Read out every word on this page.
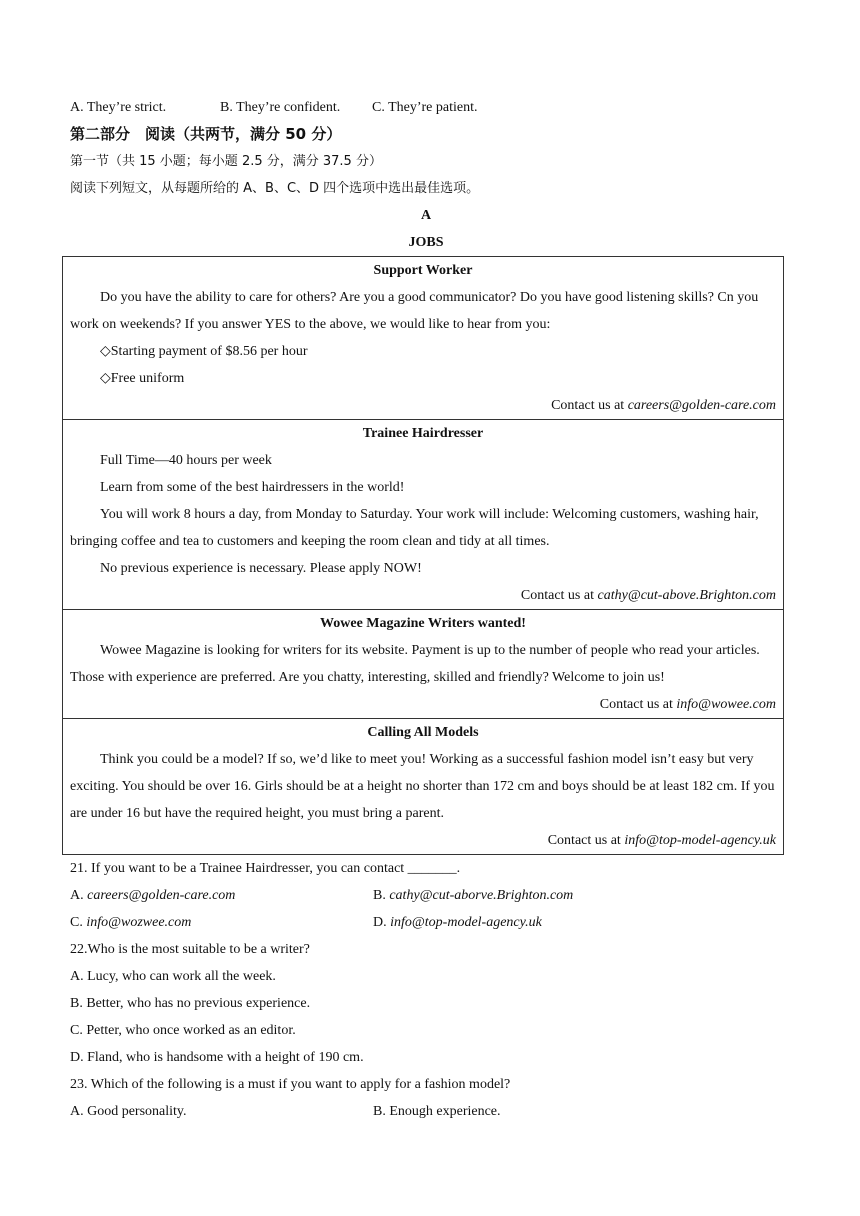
A. They’re strict.	B. They’re confident. C. They’re patient.
第二部分　阅读（共两节，满分 50 分）
第一节（共 15 小题；每小题 2.5 分，满分 37.5 分）
阅读下列短文，从每题所给的 A、B、C、D 四个选项中选出最佳选项。
A
JOBS
Support Worker
Do you have the ability to care for others? Are you a good communicator? Do you have good listening skills? Cn you work on weekends? If you answer YES to the above, we would like to hear from you:
◇Starting payment of $8.56 per hour
◇Free uniform
Contact us at careers@golden-care.com
Trainee Hairdresser
Full Time—40 hours per week
Learn from some of the best hairdressers in the world!
You will work 8 hours a day, from Monday to Saturday. Your work will include: Welcoming customers, washing hair, bringing coffee and tea to customers and keeping the room clean and tidy at all times.
No previous experience is necessary. Please apply NOW!
Contact us at cathy@cut-above.Brighton.com
Wowee Magazine Writers wanted!
Wowee Magazine is looking for writers for its website. Payment is up to the number of people who read your articles. Those with experience are preferred. Are you chatty, interesting, skilled and friendly? Welcome to join us!
Contact us at info@wowee.com
Calling All Models
Think you could be a model? If so, we’d like to meet you! Working as a successful fashion model isn’t easy but very exciting. You should be over 16. Girls should be at a height no shorter than 172 cm and boys should be at least 182 cm. If you are under 16 but have the required height, you must bring a parent.
Contact us at info@top-model-agency.uk
21. If you want to be a Trainee Hairdresser, you can contact _______.
A. careers@golden-care.com	B. cathy@cut-aborve.Brighton.com
C. info@wozwee.com	D. info@top-model-agency.uk
22.Who is the most suitable to be a writer?
A. Lucy, who can work all the week.
B. Better, who has no previous experience.
C. Petter, who once worked as an editor.
D. Fland, who is handsome with a height of 190 cm.
23. Which of the following is a must if you want to apply for a fashion model?
A. Good personality.	B. Enough experience.
